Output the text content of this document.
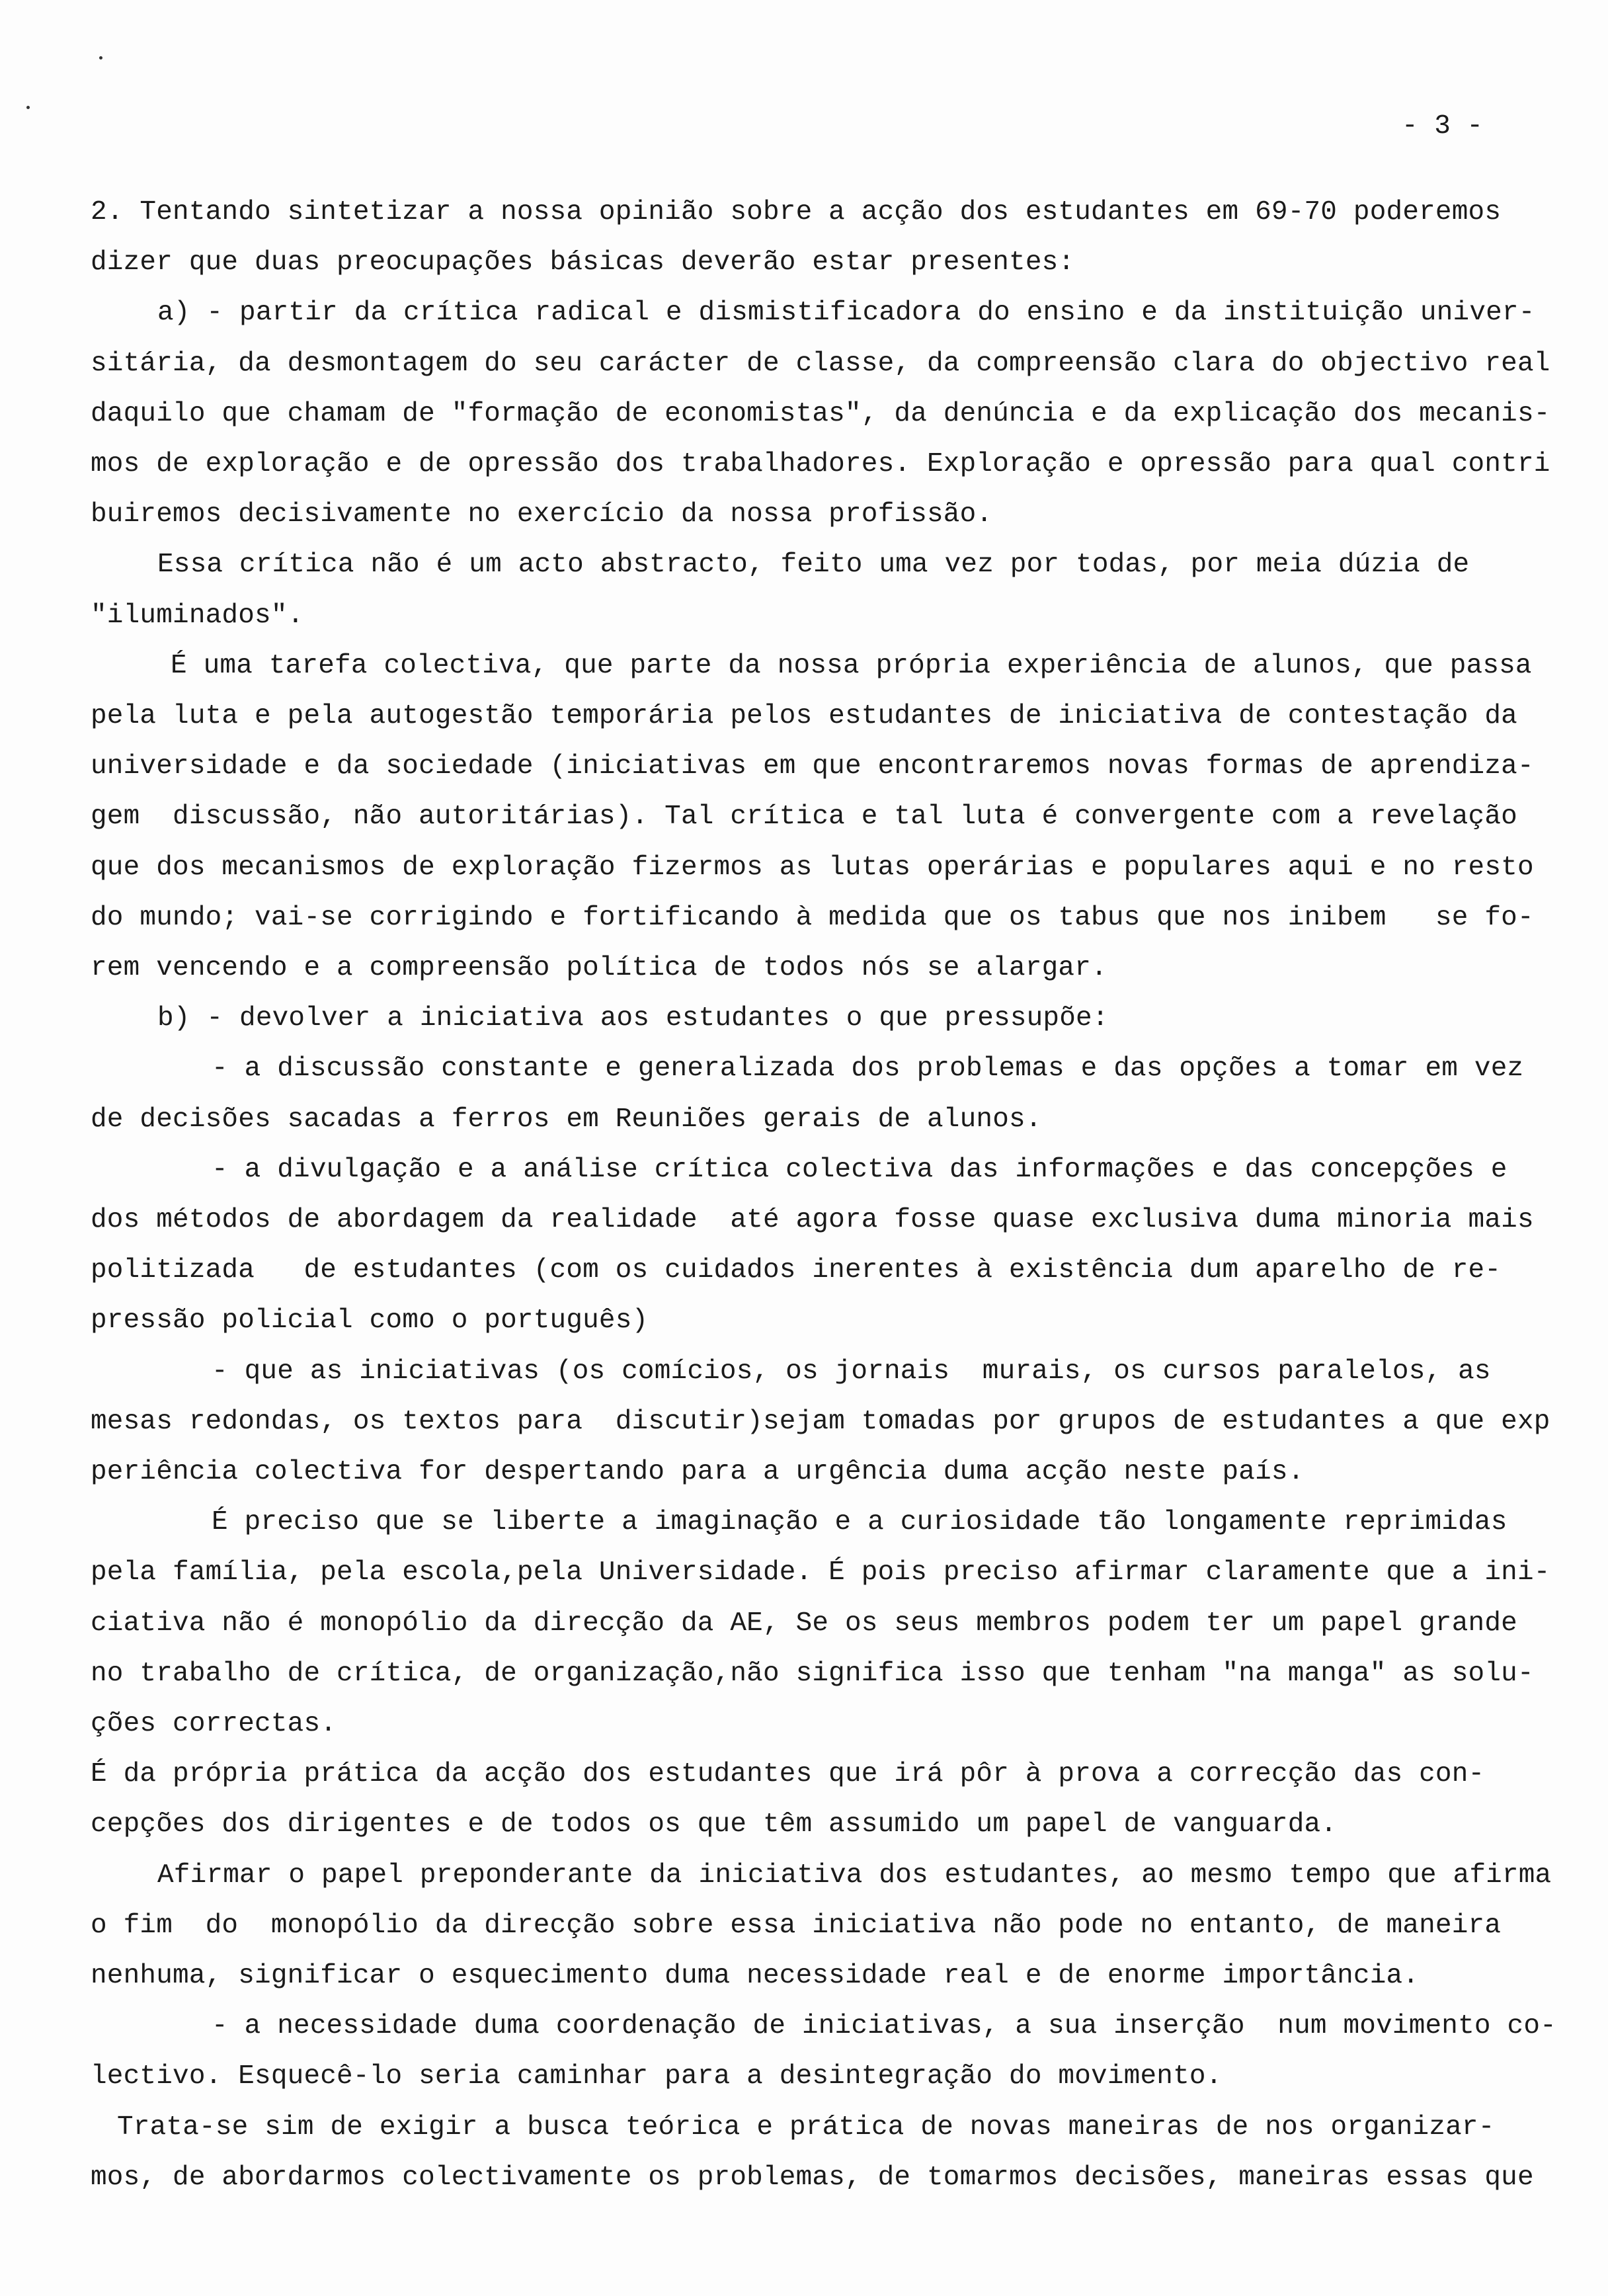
- 3 -
2. Tentando sintetizar a nossa opinião sobre a acção dos estudantes em 69-70 poderemos
dizer que duas preocupações básicas deverão estar presentes:
a) - partir da crítica radical e dismistificadora do ensino e da instituição univer-
sitária, da desmontagem do seu carácter de classe, da compreensão clara do objectivo real
daquilo que chamam de "formação de economistas", da denúncia e da explicação dos mecanis-
mos de exploração e de opressão dos trabalhadores. Exploração e opressão para qual contri
buiremos decisivamente no exercício da nossa profissão.
Essa crítica não é um acto abstracto, feito uma vez por todas, por meia dúzia de
"iluminados".
É uma tarefa colectiva, que parte da nossa própria experiência de alunos, que passa
pela luta e pela autogestão temporária pelos estudantes de iniciativa de contestação da
universidade e da sociedade (iniciativas em que encontraremos novas formas de aprendiza-
gem  discussão, não autoritárias). Tal crítica e tal luta é convergente com a revelação
que dos mecanismos de exploração fizermos as lutas operárias e populares aqui e no resto
do mundo; vai-se corrigindo e fortificando à medida que os tabus que nos inibem   se fo-
rem vencendo e a compreensão política de todos nós se alargar.
b) - devolver a iniciativa aos estudantes o que pressupõe:
- a discussão constante e generalizada dos problemas e das opções a tomar em vez
de decisões sacadas a ferros em Reuniões gerais de alunos.
- a divulgação e a análise crítica colectiva das informações e das concepções e
dos métodos de abordagem da realidade  até agora fosse quase exclusiva duma minoria mais
politizada   de estudantes (com os cuidados inerentes à existência dum aparelho de re-
pressão policial como o português)
- que as iniciativas (os comícios, os jornais  murais, os cursos paralelos, as
mesas redondas, os textos para  discutir)sejam tomadas por grupos de estudantes a que exp
periência colectiva for despertando para a urgência duma acção neste país.
É preciso que se liberte a imaginação e a curiosidade tão longamente reprimidas
pela família, pela escola,pela Universidade. É pois preciso afirmar claramente que a ini-
ciativa não é monopólio da direcção da AE, Se os seus membros podem ter um papel grande
no trabalho de crítica, de organização,não significa isso que tenham "na manga" as solu-
ções correctas.
É da própria prática da acção dos estudantes que irá pôr à prova a correcção das con-
cepções dos dirigentes e de todos os que têm assumido um papel de vanguarda.
Afirmar o papel preponderante da iniciativa dos estudantes, ao mesmo tempo que afirma
o fim  do  monopólio da direcção sobre essa iniciativa não pode no entanto, de maneira
nenhuma, significar o esquecimento duma necessidade real e de enorme importância.
- a necessidade duma coordenação de iniciativas, a sua inserção  num movimento co-
lectivo. Esquecê-lo seria caminhar para a desintegração do movimento.
Trata-se sim de exigir a busca teórica e prática de novas maneiras de nos organizar-
mos, de abordarmos colectivamente os problemas, de tomarmos decisões, maneiras essas que
